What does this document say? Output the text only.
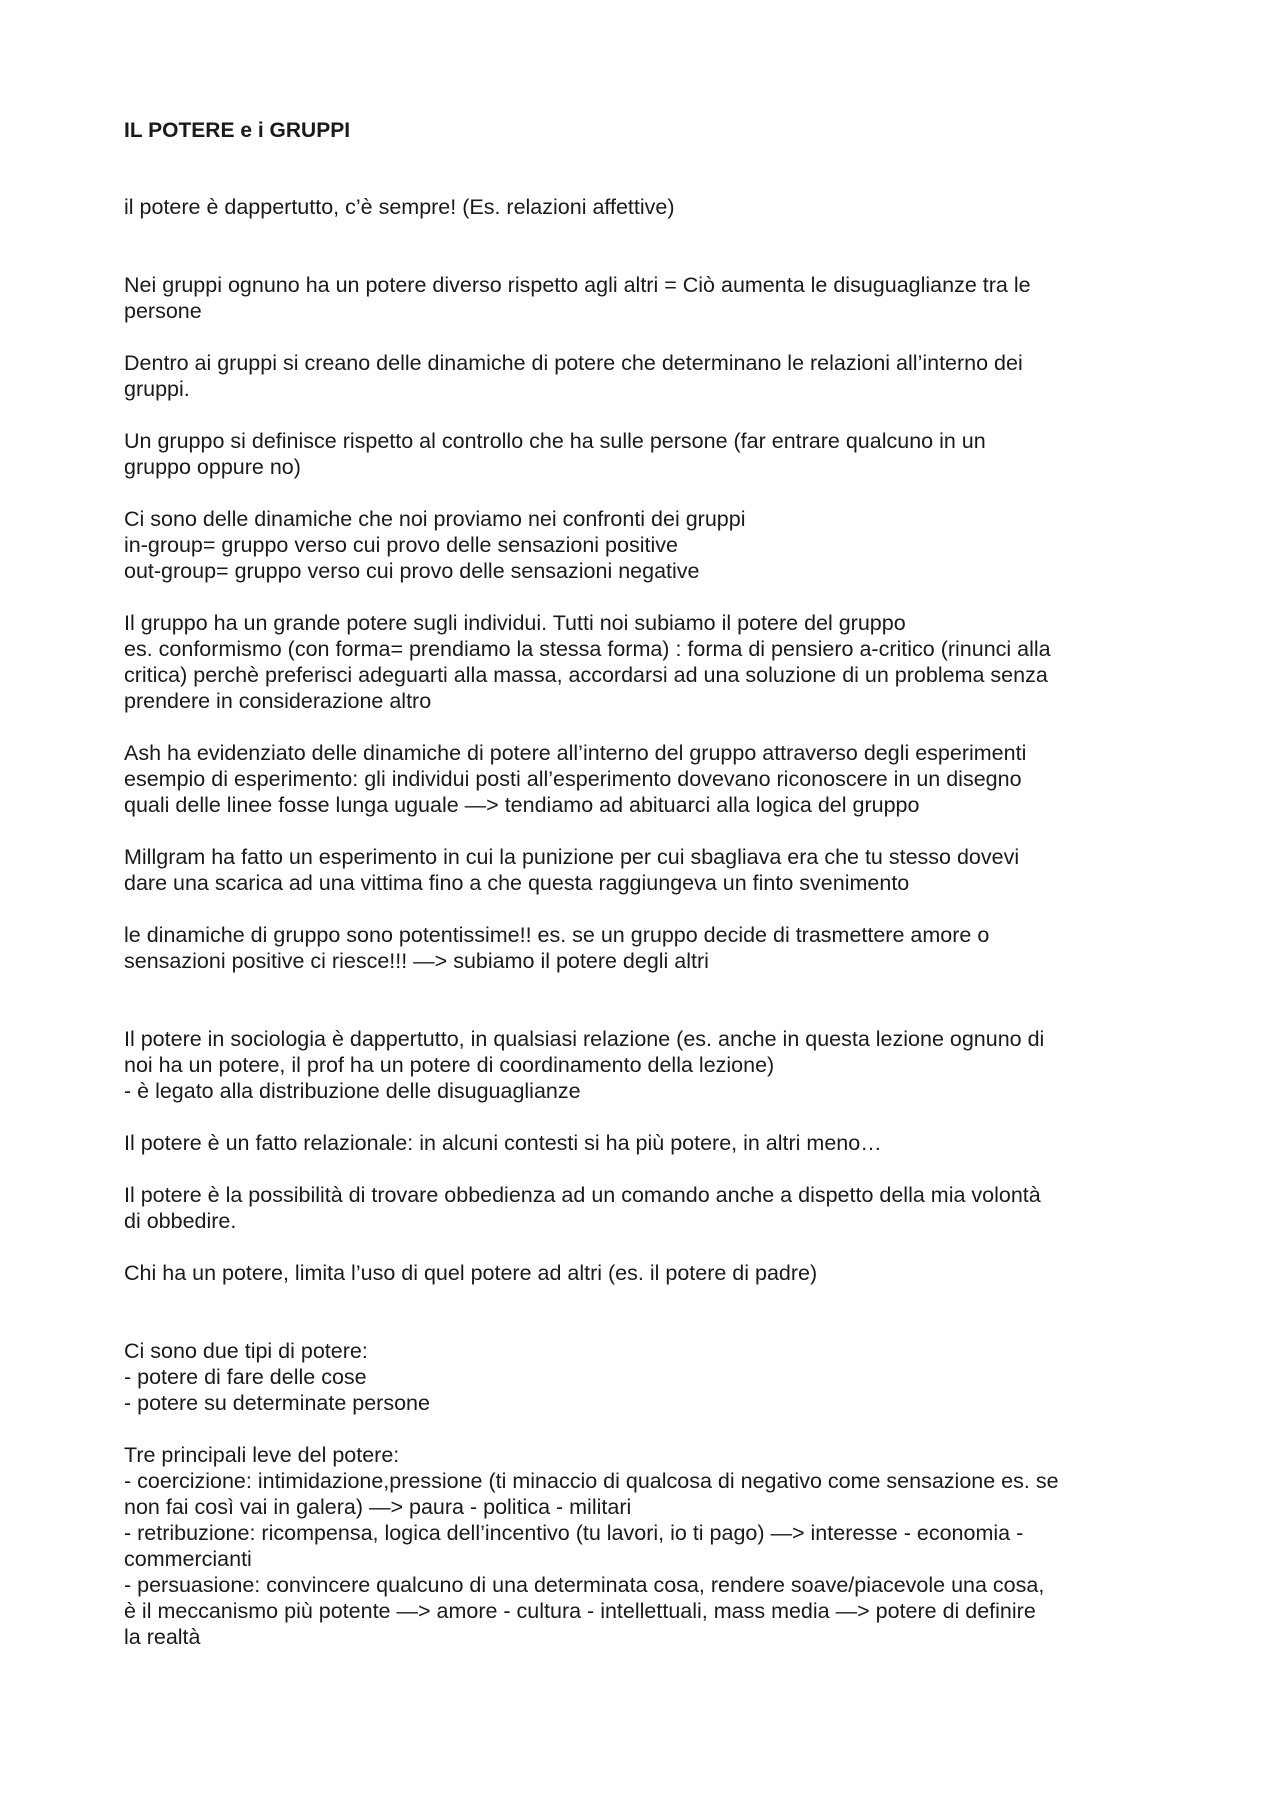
IL POTERE e i GRUPPI

il potere è dappertutto, c’è sempre! (Es. relazioni affettive)

Nei gruppi ognuno ha un potere diverso rispetto agli altri = Ciò aumenta le disuguaglianze tra le
persone
Dentro ai gruppi si creano delle dinamiche di potere che determinano le relazioni all’interno dei
gruppi.
Un gruppo si definisce rispetto al controllo che ha sulle persone (far entrare qualcuno in un
gruppo oppure no)
Ci sono delle dinamiche che noi proviamo nei confronti dei gruppi
in-group= gruppo verso cui provo delle sensazioni positive
out-group= gruppo verso cui provo delle sensazioni negative
Il gruppo ha un grande potere sugli individui. Tutti noi subiamo il potere del gruppo
es. conformismo (con forma= prendiamo la stessa forma) : forma di pensiero a-critico (rinunci alla
critica) perchè preferisci adeguarti alla massa, accordarsi ad una soluzione di un problema senza
prendere in considerazione altro
Ash ha evidenziato delle dinamiche di potere all’interno del gruppo attraverso degli esperimenti
esempio di esperimento: gli individui posti all’esperimento dovevano riconoscere in un disegno
quali delle linee fosse lunga uguale —> tendiamo ad abituarci alla logica del gruppo
Millgram ha fatto un esperimento in cui la punizione per cui sbagliava era che tu stesso dovevi
dare una scarica ad una vittima fino a che questa raggiungeva un finto svenimento
le dinamiche di gruppo sono potentissime!! es. se un gruppo decide di trasmettere amore o
sensazioni positive ci riesce!!! —> subiamo il potere degli altri
Il potere in sociologia è dappertutto, in qualsiasi relazione (es. anche in questa lezione ognuno di
noi ha un potere, il prof ha un potere di coordinamento della lezione)
- è legato alla distribuzione delle disuguaglianze

Il potere è un fatto relazionale: in alcuni contesti si ha più potere, in altri meno…

Il potere è la possibilità di trovare obbedienza ad un comando anche a dispetto della mia volontà
di obbedire.

Chi ha un potere, limita l’uso di quel potere ad altri (es. il potere di padre)

Ci sono due tipi di potere:
- potere di fare delle cose
- potere su determinate persone
Tre principali leve del potere:
- coercizione: intimidazione,pressione (ti minaccio di qualcosa di negativo come sensazione es. se
non fai così vai in galera) —> paura - politica - militari
- retribuzione: ricompensa, logica dell’incentivo (tu lavori, io ti pago) —> interesse - economia -
commercianti
- persuasione: convincere qualcuno di una determinata cosa, rendere soave/piacevole una cosa,
è il meccanismo più potente —> amore - cultura - intellettuali, mass media —> potere di definire
la realtà
